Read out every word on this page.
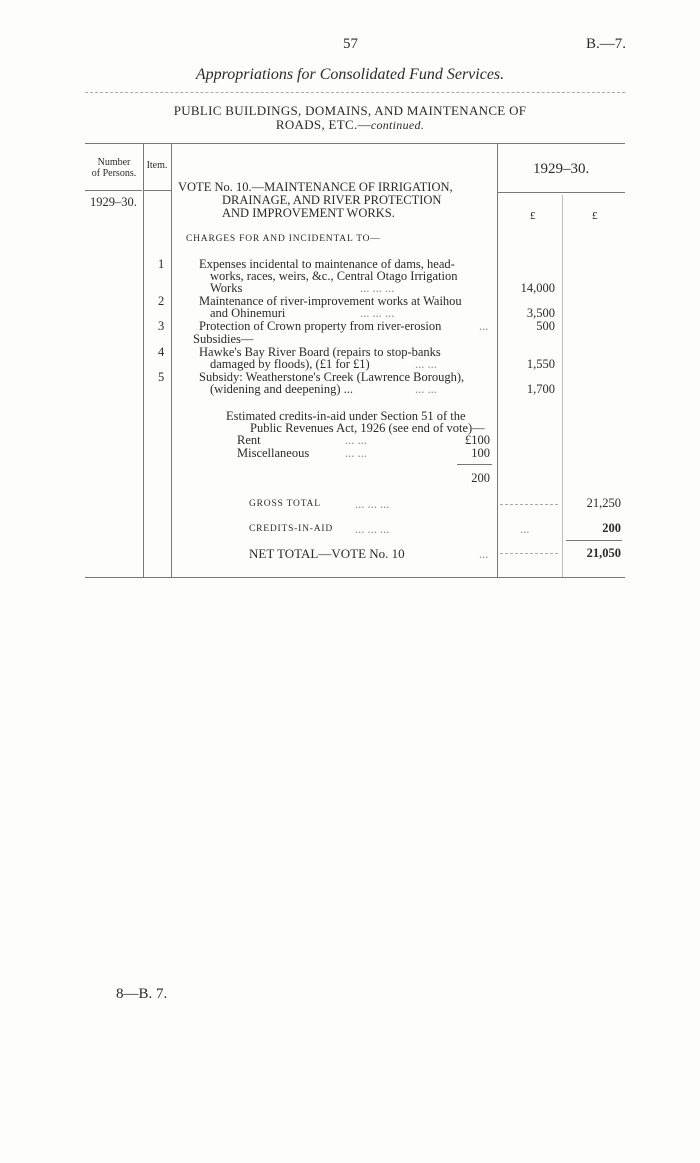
57	B.—7.
Appropriations for Consolidated Fund Services.
PUBLIC BUILDINGS, DOMAINS, AND MAINTENANCE OF
ROADS, ETC.—continued.
Number
of Persons.
Item.	1929–30.
1929–30.
VOTE No. 10.—MAINTENANCE OF IRRIGATION,
DRAINAGE, AND RIVER PROTECTION
AND IMPROVEMENT WORKS.	£	£
CHARGES FOR AND INCIDENTAL TO—
1	Expenses incidental to maintenance of dams, head-
works, races, weirs, &c., Central Otago Irrigation
Works	... ... ...	14,000
2	Maintenance of river-improvement works at Waihou
and Ohinemuri	... ... ...	3,500
3	Protection of Crown property from river-erosion	...	500
Subsidies—
4	Hawke's Bay River Board (repairs to stop-banks
damaged by floods), (£1 for £1)	... ...	1,550
5	Subsidy: Weatherstone's Creek (Lawrence Borough),
(widening and deepening) ...	... ...	1,700
Estimated credits-in-aid under Section 51 of the
Public Revenues Act, 1926 (see end of vote)—
Rent	... ...	£100
Miscellaneous	... ...	100
200
GROSS TOTAL	... ... ...	21,250
CREDITS-IN-AID ... ... ...	...	200
NET TOTAL—VOTE No. 10	...	21,050
8—B. 7.
